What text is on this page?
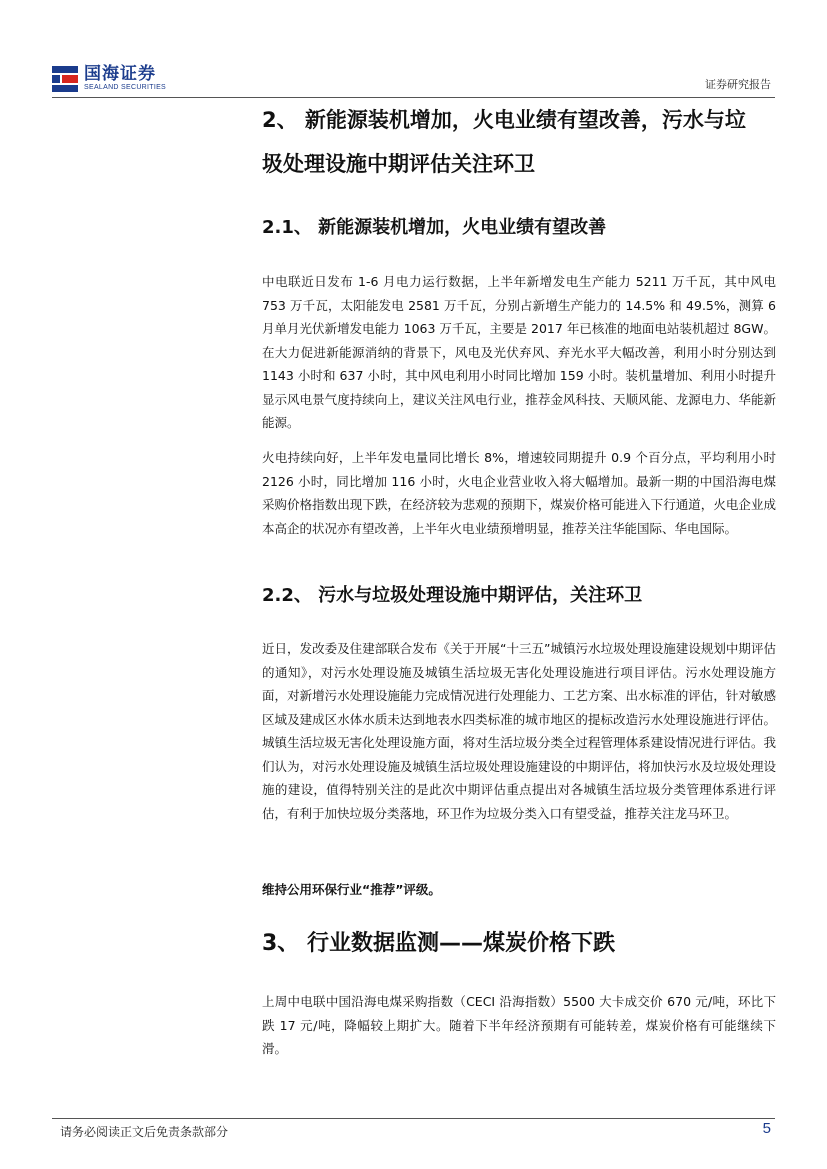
国海证券
SEALAND SECURITIES	证券研究报告
2、 新能源装机增加，火电业绩有望改善，污水与垃
圾处理设施中期评估关注环卫
2.1、 新能源装机增加，火电业绩有望改善
中电联近日发布 1-6 月电力运行数据，上半年新增发电生产能力 5211 万千瓦，其中风电 753 万千瓦，太阳能发电 2581 万千瓦，分别占新增生产能力的 14.5% 和 49.5%，测算 6 月单月光伏新增发电能力 1063 万千瓦，主要是 2017 年已核准的地面电站装机超过 8GW。在大力促进新能源消纳的背景下，风电及光伏弃风、弃光水平大幅改善，利用小时分别达到 1143 小时和 637 小时，其中风电利用小时同比增加 159 小时。装机量增加、利用小时提升显示风电景气度持续向上，建议关注风电行业，推荐金风科技、天顺风能、龙源电力、华能新能源。
火电持续向好，上半年发电量同比增长 8%，增速较同期提升 0.9 个百分点，平均利用小时 2126 小时，同比增加 116 小时，火电企业营业收入将大幅增加。最新一期的中国沿海电煤采购价格指数出现下跌，在经济较为悲观的预期下，煤炭价格可能进入下行通道，火电企业成本高企的状况亦有望改善，上半年火电业绩预增明显，推荐关注华能国际、华电国际。
2.2、 污水与垃圾处理设施中期评估，关注环卫
近日，发改委及住建部联合发布《关于开展“十三五”城镇污水垃圾处理设施建设规划中期评估的通知》，对污水处理设施及城镇生活垃圾无害化处理设施进行项目评估。污水处理设施方面，对新增污水处理设施能力完成情况进行处理能力、工艺方案、出水标准的评估，针对敏感区域及建成区水体水质未达到地表水四类标准的城市地区的提标改造污水处理设施进行评估。城镇生活垃圾无害化处理设施方面，将对生活垃圾分类全过程管理体系建设情况进行评估。我们认为，对污水处理设施及城镇生活垃圾处理设施建设的中期评估，将加快污水及垃圾处理设施的建设，值得特别关注的是此次中期评估重点提出对各城镇生活垃圾分类管理体系进行评估，有利于加快垃圾分类落地，环卫作为垃圾分类入口有望受益，推荐关注龙马环卫。
维持公用环保行业“推荐”评级。
3、 行业数据监测——煤炭价格下跌
上周中电联中国沿海电煤采购指数（CECI 沿海指数）5500 大卡成交价 670 元/吨，环比下跌 17 元/吨，降幅较上期扩大。随着下半年经济预期有可能转差，煤炭价格有可能继续下滑。
请务必阅读正文后免责条款部分	5
